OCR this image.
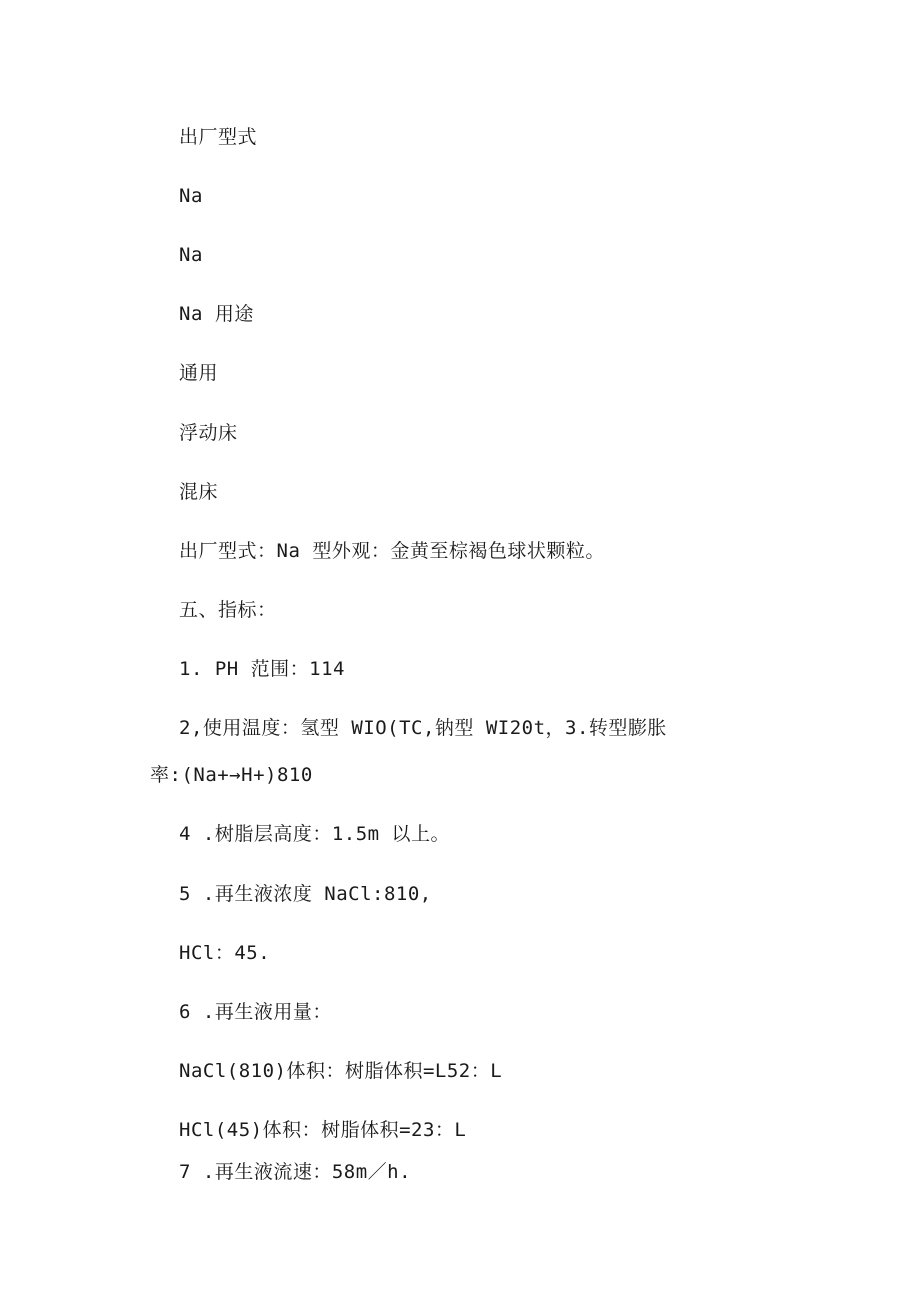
出厂型式
Na
Na
Na 用途
通用
浮动床
混床
出厂型式：Na 型外观：金黄至棕褐色球状颗粒。
五、指标：
1. PH 范围：114
2,使用温度：氢型 WIO(TC,钠型 WI20t，3.转型膨胀
率:(Na+→H+)810
4 .树脂层高度：1.5m 以上。
5 .再生液浓度 NaCl:810,
HCl：45.
6 .再生液用量：
NaCl(810)体积：树脂体积=L52：L
HCl(45)体积：树脂体积=23：L
7 .再生液流速：58m／h.
